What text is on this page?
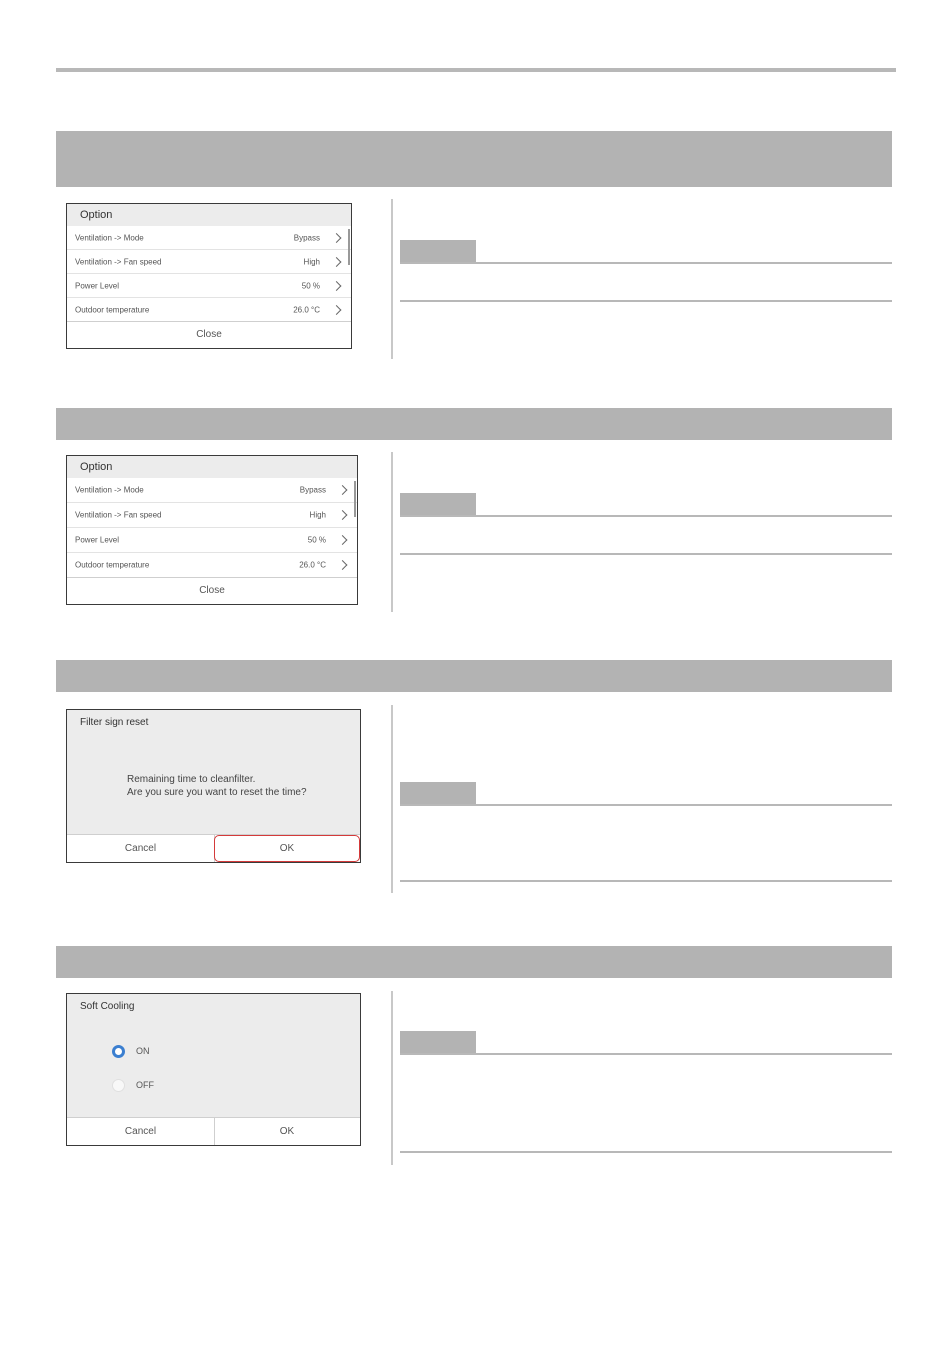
Option
Ventilation -> Mode	Bypass
Ventilation -> Fan speed	High
Power Level	50 %
Outdoor temperature	26.0 °C
Close
Option
Ventilation -> Mode	Bypass
Ventilation -> Fan speed	High
Power Level	50 %
Outdoor temperature	26.0 °C
Close
Filter sign reset
Remaining time to cleanfilter.
Are you sure you want to reset the time?
Cancel	OK
Soft Cooling
ON
OFF
Cancel	OK
